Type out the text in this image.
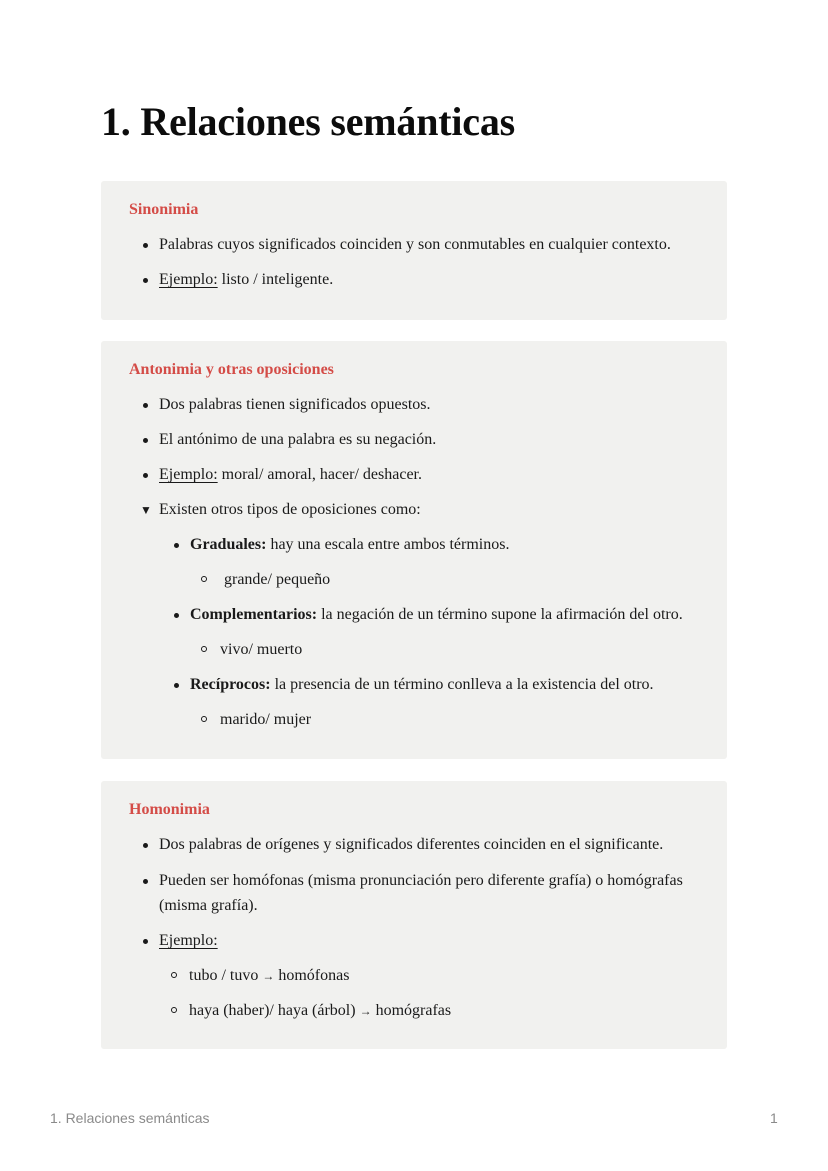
1. Relaciones semánticas
Sinonimia
Palabras cuyos significados coinciden y son conmutables en cualquier contexto.
Ejemplo: listo / inteligente.
Antonimia y otras oposiciones
Dos palabras tienen significados opuestos.
El antónimo de una palabra es su negación.
Ejemplo: moral/ amoral, hacer/ deshacer.
▼ Existen otros tipos de oposiciones como:
Graduales: hay una escala entre ambos términos.
grande/ pequeño
Complementarios: la negación de un término supone la afirmación del otro.
vivo/ muerto
Recíprocos: la presencia de un término conlleva a la existencia del otro.
marido/ mujer
Homonimia
Dos palabras de orígenes y significados diferentes coinciden en el significante.
Pueden ser homófonas (misma pronunciación pero diferente grafía) o homógrafas
(misma grafía).
Ejemplo:
tubo / tuvo → homófonas
haya (haber)/ haya (árbol) → homógrafas
1. Relaciones semánticas	1
